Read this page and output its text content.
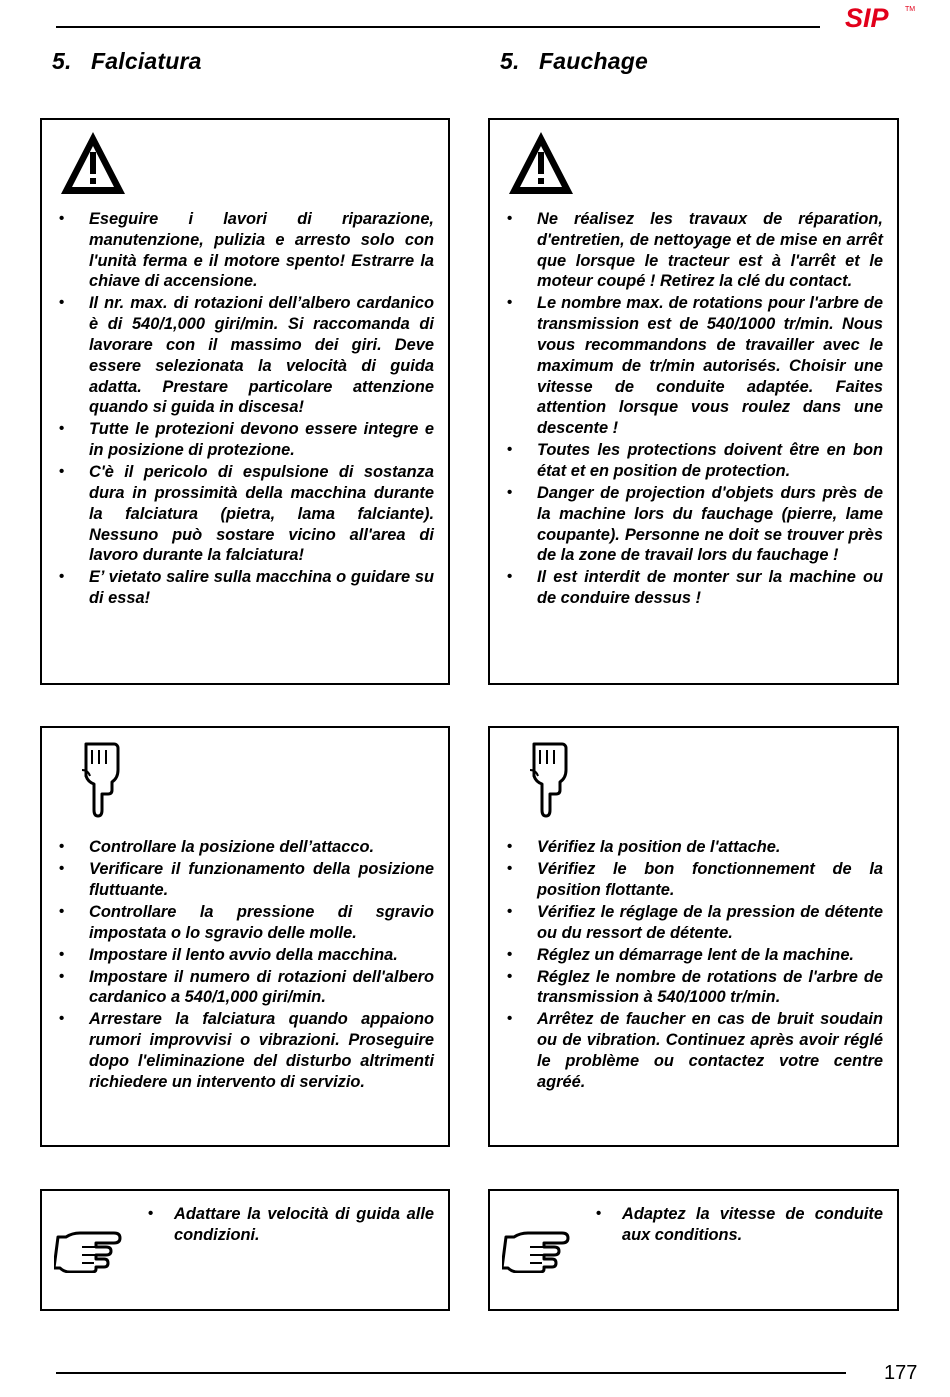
SIP TM
5. Falciatura	5. Fauchage
• Eseguire i lavori di riparazione, manutenzione, pulizia e arresto solo con l'unità ferma e il motore spento! Estrarre la chiave di accensione.
• Il nr. max. di rotazioni dell’albero cardanico è di 540/1,000 giri/min. Si raccomanda di lavorare con il massimo dei giri. Deve essere selezionata la velocità di guida adatta. Prestare particolare attenzione quando si guida in discesa!
• Tutte le protezioni devono essere integre e in posizione di protezione.
• C'è il pericolo di espulsione di sostanza dura in prossimità della macchina durante la falciatura (pietra, lama falciante). Nessuno può sostare vicino all'area di lavoro durante la falciatura!
• E’ vietato salire sulla macchina o guidare su di essa!
• Ne réalisez les travaux de réparation, d'entretien, de nettoyage et de mise en arrêt que lorsque le tracteur est à l'arrêt et le moteur coupé ! Retirez la clé du contact.
• Le nombre max. de rotations pour l'arbre de transmission est de 540/1000 tr/min. Nous vous recommandons de travailler avec le maximum de tr/min autorisés. Choisir une vitesse de conduite adaptée. Faites attention lorsque vous roulez dans une descente !
• Toutes les protections doivent être en bon état et en position de protection.
• Danger de projection d'objets durs près de la machine lors du fauchage (pierre, lame coupante). Personne ne doit se trouver près de la zone de travail lors du fauchage !
• Il est interdit de monter sur la machine ou de conduire dessus !
• Controllare la posizione dell’attacco.
• Verificare il funzionamento della posizione fluttuante.
• Controllare la pressione di sgravio impostata o lo sgravio delle molle.
• Impostare il lento avvio della macchina.
• Impostare il numero di rotazioni dell'albero cardanico a 540/1,000 giri/min.
• Arrestare la falciatura quando appaiono rumori improvvisi o vibrazioni. Proseguire dopo l'eliminazione del disturbo altrimenti richiedere un intervento di servizio.
• Vérifiez la position de l'attache.
• Vérifiez le bon fonctionnement de la position flottante.
• Vérifiez le réglage de la pression de détente ou du ressort de détente.
• Réglez un démarrage lent de la machine.
• Réglez le nombre de rotations de l'arbre de transmission à 540/1000 tr/min.
• Arrêtez de faucher en cas de bruit soudain ou de vibration. Continuez après avoir réglé le problème ou contactez votre centre agréé.
• Adattare la velocità di guida alle condizioni.
• Adaptez la vitesse de conduite aux conditions.
177
